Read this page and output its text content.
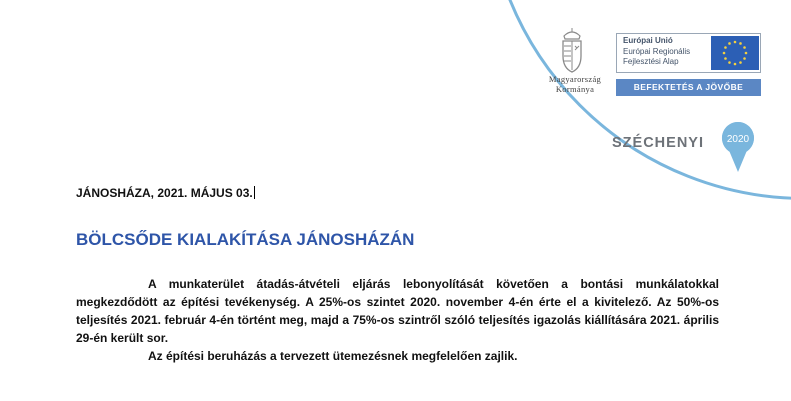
Magyarország
Kormánya
Európai Unió
Európai Regionális
Fejlesztési Alap
BEFEKTETÉS A JÖVŐBE
SZÉCHENYI 2020
JÁNOSHÁZA, 2021. MÁJUS 03.
BÖLCSŐDE KIALAKÍTÁSA JÁNOSHÁZÁN

A munkaterület átadás-átvételi eljárás lebonyolítását követően a bontási munkálatokkal megkezdődött az építési tevékenység. A 25%-os szintet 2020. november 4-én érte el a kivitelező. Az 50%-os teljesítés 2021. február 4-én történt meg, majd a 75%-os szintről szóló teljesítés igazolás kiállítására 2021. április 29-én került sor.

Az építési beruházás a tervezett ütemezésnek megfelelően zajlik.
